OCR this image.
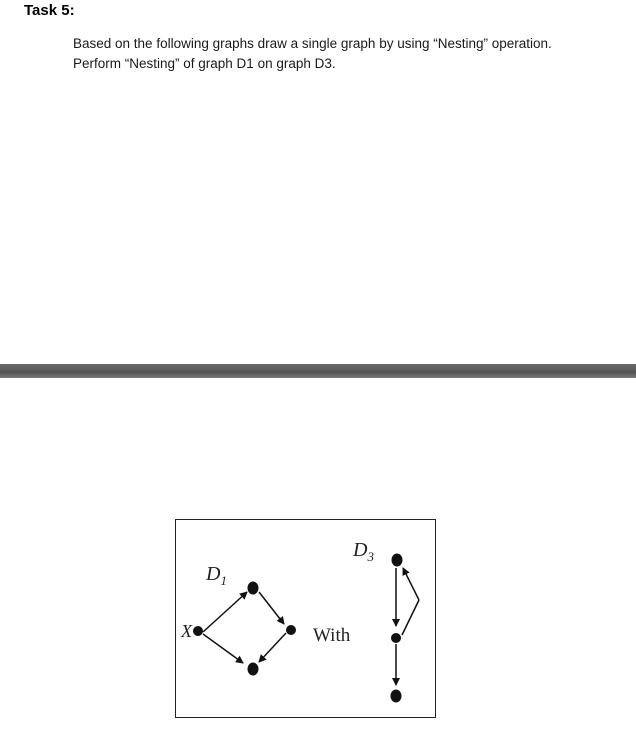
Task 5:
Based on the following graphs draw a single graph by using “Nesting” operation.
Perform “Nesting” of graph D1 on graph D3.
$D_1$
X	With
$D_3$
